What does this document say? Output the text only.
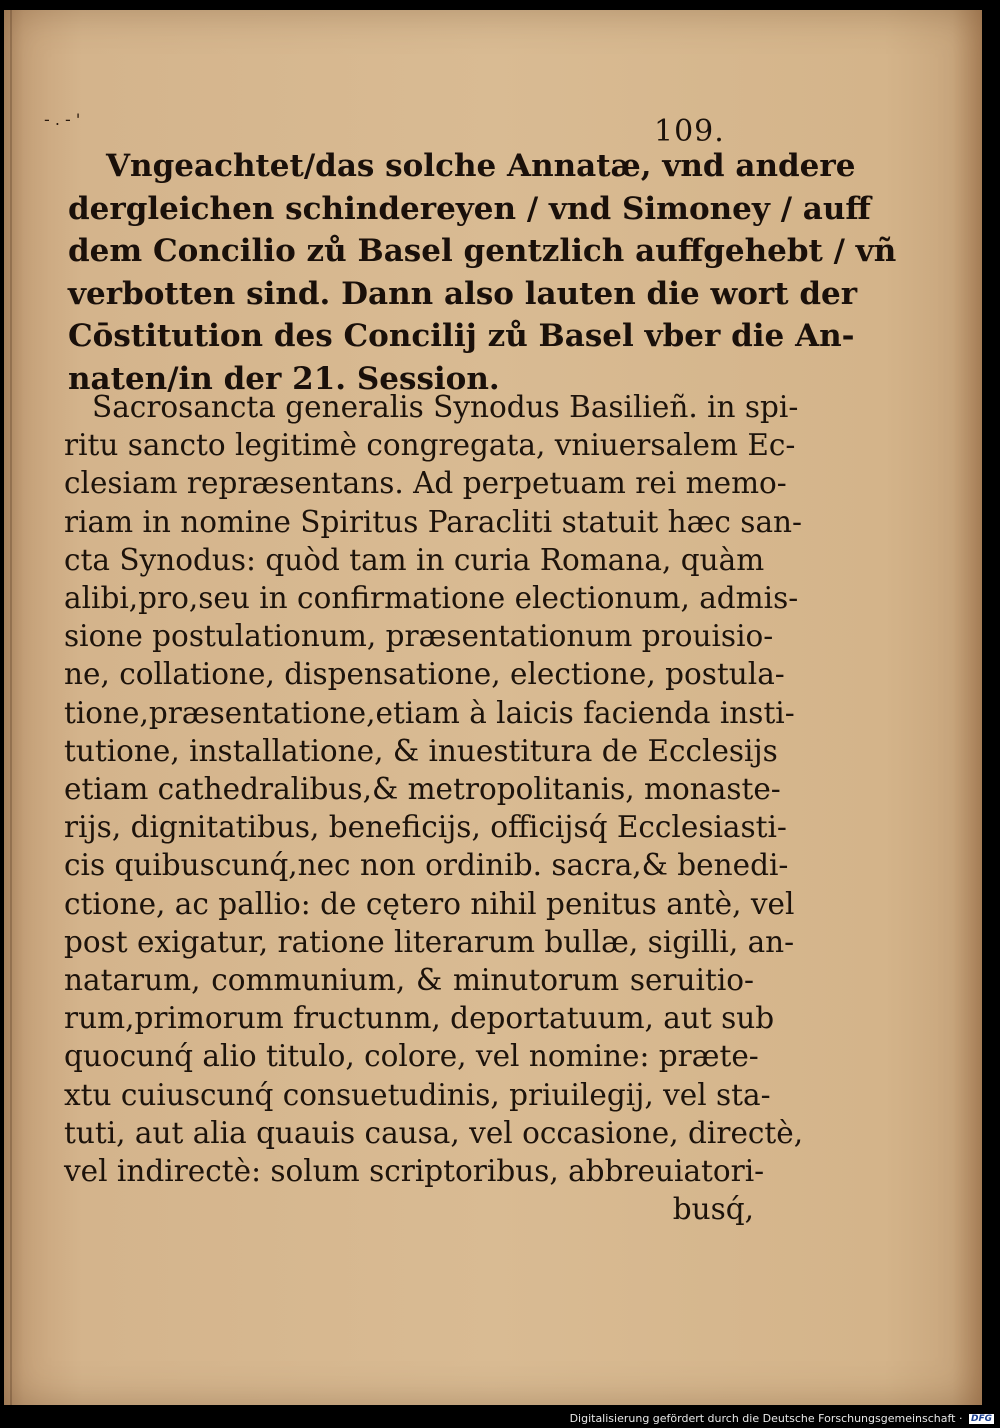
- . - '	109.
Vngeachtet/das solche Annatæ, vnd andere
dergleichen schindereyen / vnd Simoney / auff
dem Concilio zů Basel gentzlich auffgehebt / vñ
verbotten sind. Dann also lauten die wort der
Cōstitution des Concilij zů Basel vber die An-
naten/in der 21. Session.
Sacrosancta generalis Synodus Basilieñ. in spi-
ritu sancto legitimè congregata, vniuersalem Ec-
clesiam repræsentans. Ad perpetuam rei memo-
riam in nomine Spiritus Paracliti statuit hæc san-
cta Synodus: quòd tam in curia Romana, quàm
alibi,pro,seu in confirmatione electionum, admis-
sione postulationum, præsentationum prouisio-
ne, collatione, dispensatione, electione, postula-
tione,præsentatione,etiam à laicis facienda insti-
tutione, installatione, & inuestitura de Ecclesijs
etiam cathedralibus,& metropolitanis, monaste-
rijs, dignitatibus, beneficijs, officijsq́ Ecclesiasti-
cis quibuscunq́,nec non ordinib. sacra,& benedi-
ctione, ac pallio: de cętero nihil penitus antè, vel
post exigatur, ratione literarum bullæ, sigilli, an-
natarum, communium, & minutorum seruitio-
rum,primorum fructunm, deportatuum, aut sub
quocunq́ alio titulo, colore, vel nomine: præte-
xtu cuiuscunq́ consuetudinis, priuilegij, vel sta-
tuti, aut alia quauis causa, vel occasione, directè,
vel indirectè: solum scriptoribus, abbreuiatori-
busq́,
Digitalisierung gefördert durch die Deutsche Forschungsgemeinschaft · DFG
